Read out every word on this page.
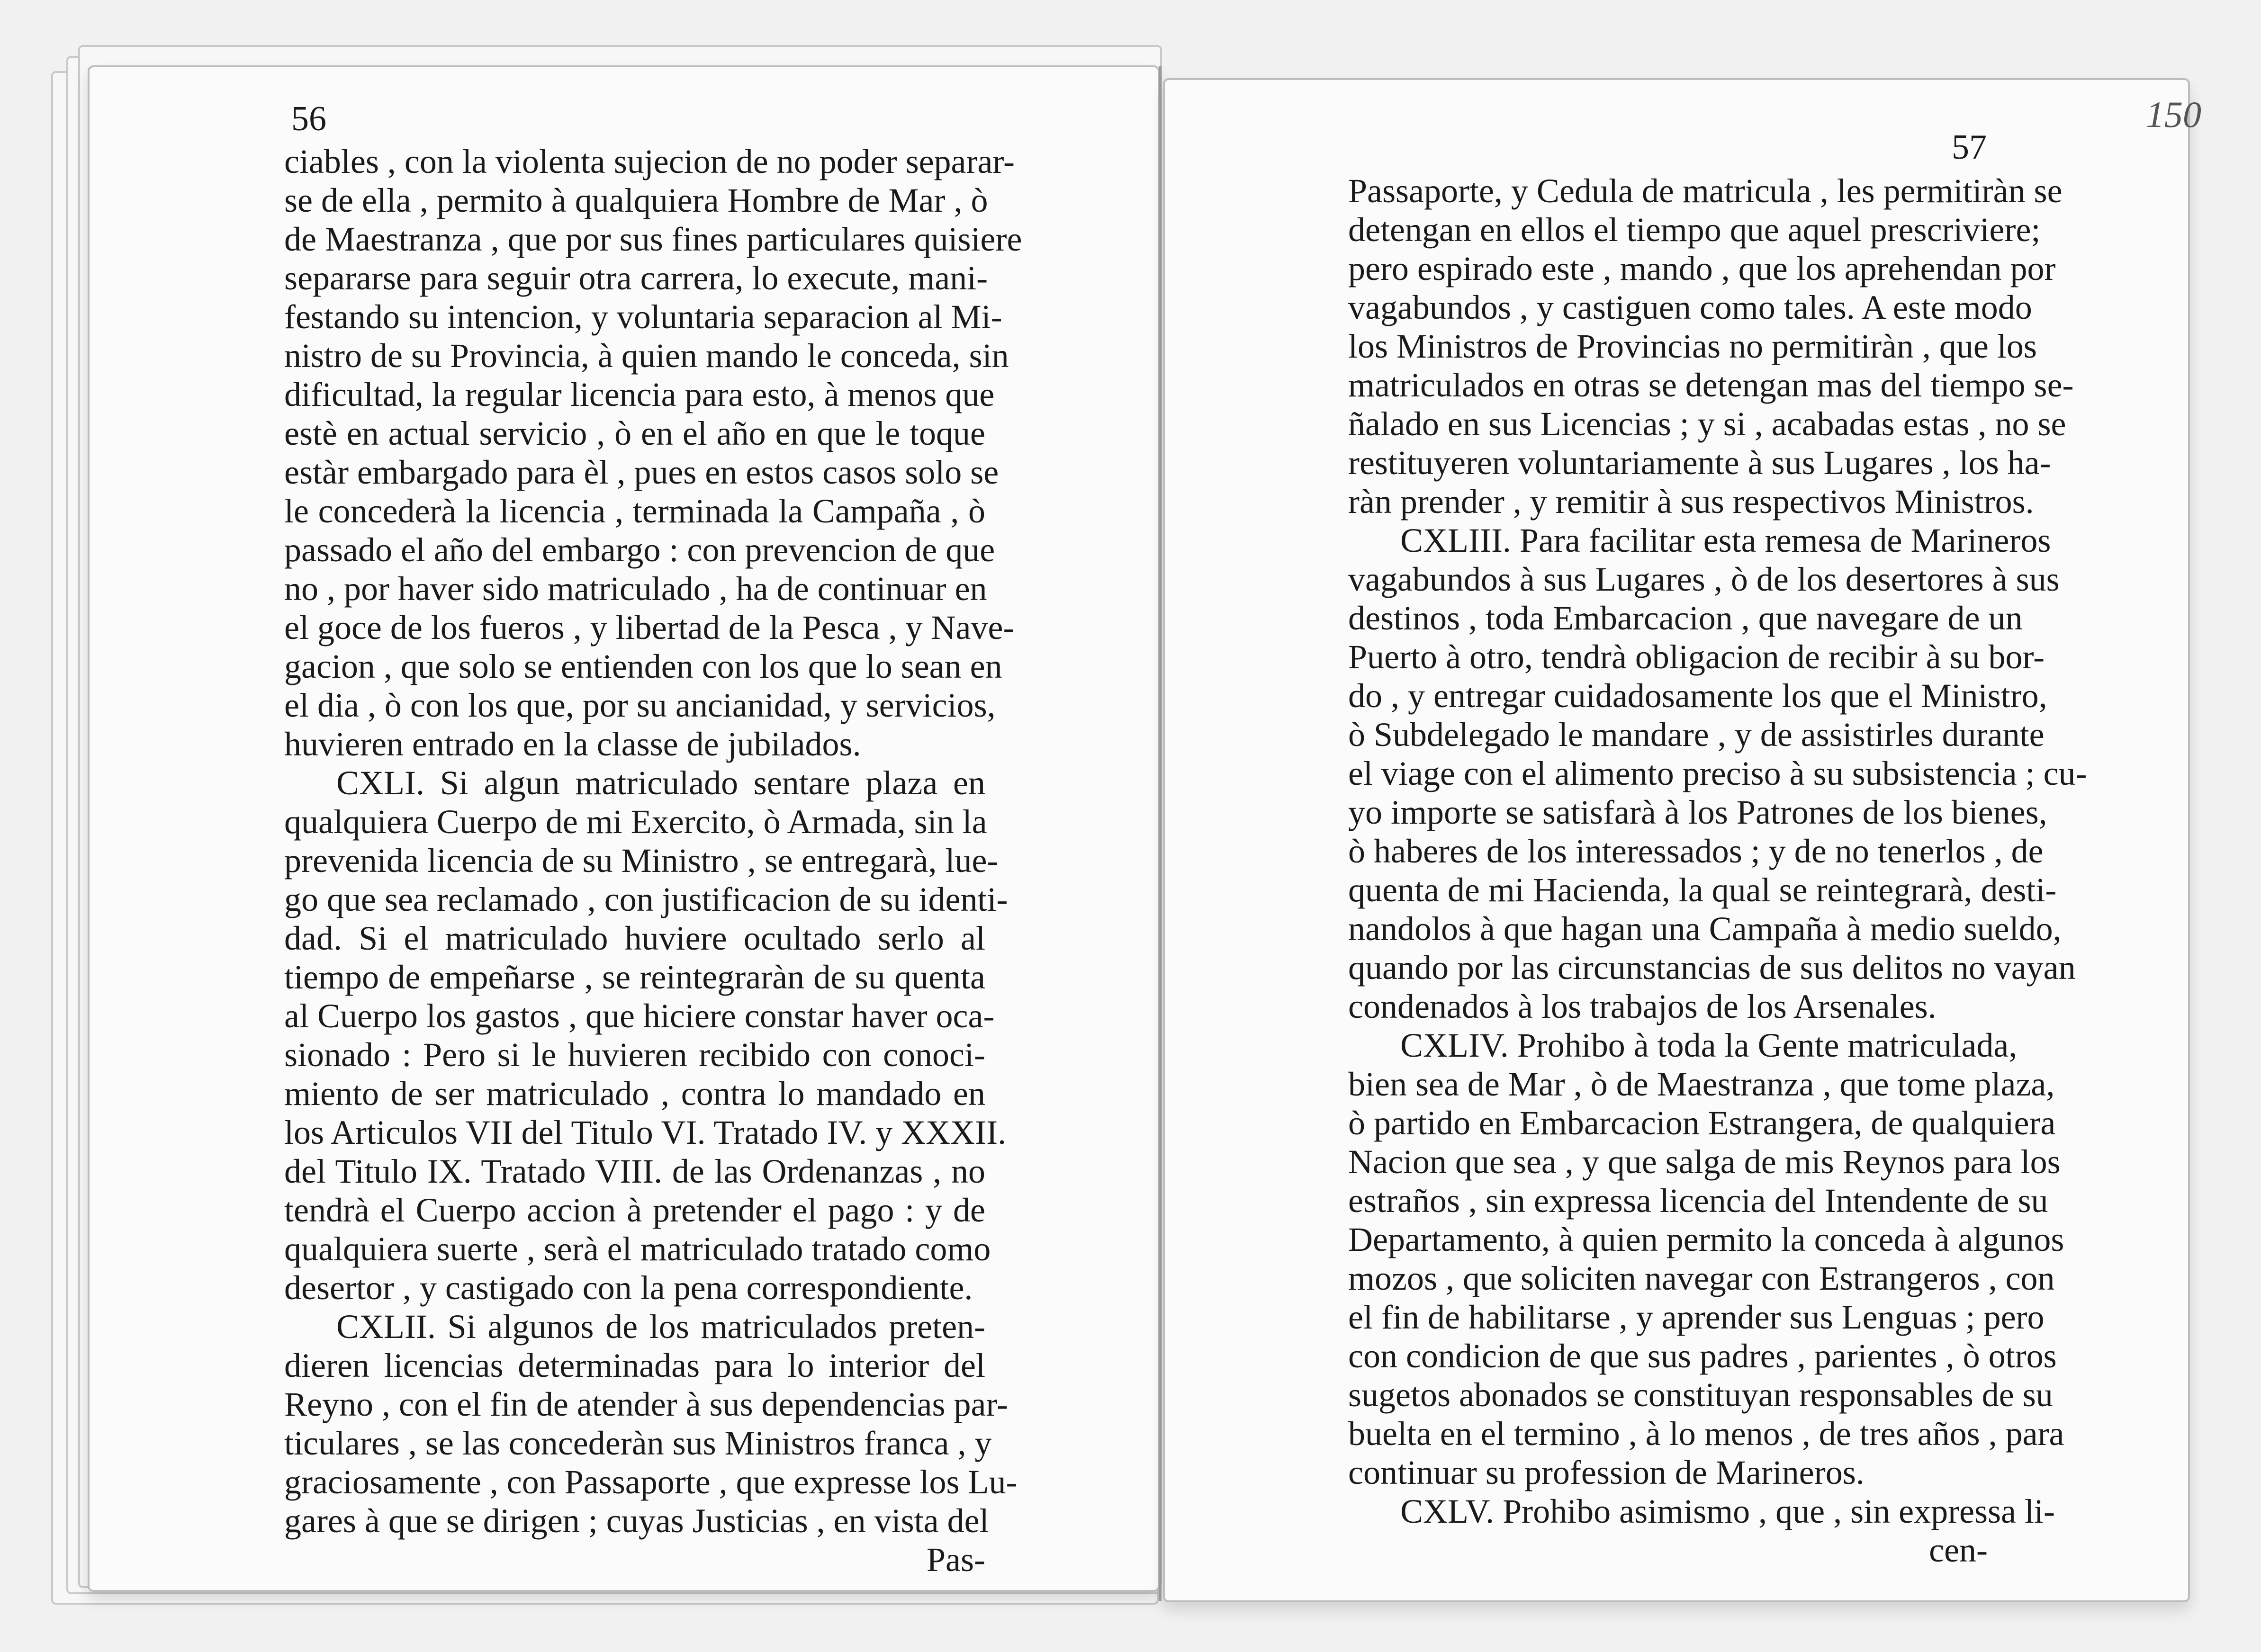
56
ciables , con la violenta sujecion de no poder separar-
se de ella , permito à qualquiera Hombre de Mar , ò
de Maestranza , que por sus fines particulares quisiere
separarse para seguir otra carrera, lo execute, mani-
festando su intencion, y voluntaria separacion al Mi-
nistro de su Provincia, à quien mando le conceda, sin
dificultad, la regular licencia para esto, à menos que
estè en actual servicio , ò en el año en que le toque
estàr embargado para èl , pues en estos casos solo se
le concederà la licencia , terminada la Campaña , ò
passado el año del embargo : con prevencion de que
no , por haver sido matriculado , ha de continuar en
el goce de los fueros , y libertad de la Pesca , y Nave-
gacion , que solo se entienden con los que lo sean en
el dia , ò con los que, por su ancianidad, y servicios,
huvieren entrado en la classe de jubilados.
CXLI. Si algun matriculado sentare plaza en
qualquiera Cuerpo de mi Exercito, ò Armada, sin la
prevenida licencia de su Ministro , se entregarà, lue-
go que sea reclamado , con justificacion de su identi-
dad. Si el matriculado huviere ocultado serlo al
tiempo de empeñarse , se reintegraràn de su quenta
al Cuerpo los gastos , que hiciere constar haver oca-
sionado : Pero si le huvieren recibido con conoci-
miento de ser matriculado , contra lo mandado en
los Articulos VII del Titulo VI. Tratado IV. y XXXII.
del Titulo IX. Tratado VIII. de las Ordenanzas , no
tendrà el Cuerpo accion à pretender el pago : y de
qualquiera suerte , serà el matriculado tratado como
desertor , y castigado con la pena correspondiente.
CXLII. Si algunos de los matriculados preten-
dieren licencias determinadas para lo interior del
Reyno , con el fin de atender à sus dependencias par-
ticulares , se las concederàn sus Ministros franca , y
graciosamente , con Passaporte , que expresse los Lu-
gares à que se dirigen ; cuyas Justicias , en vista del
Pas-
57
150
Passaporte, y Cedula de matricula , les permitiràn se
detengan en ellos el tiempo que aquel prescriviere;
pero espirado este , mando , que los aprehendan por
vagabundos , y castiguen como tales. A este modo
los Ministros de Provincias no permitiràn , que los
matriculados en otras se detengan mas del tiempo se-
ñalado en sus Licencias ; y si , acabadas estas , no se
restituyeren voluntariamente à sus Lugares , los ha-
ràn prender , y remitir à sus respectivos Ministros.
CXLIII. Para facilitar esta remesa de Marineros
vagabundos à sus Lugares , ò de los desertores à sus
destinos , toda Embarcacion , que navegare de un
Puerto à otro, tendrà obligacion de recibir à su bor-
do , y entregar cuidadosamente los que el Ministro,
ò Subdelegado le mandare , y de assistirles durante
el viage con el alimento preciso à su subsistencia ; cu-
yo importe se satisfarà à los Patrones de los bienes,
ò haberes de los interessados ; y de no tenerlos , de
quenta de mi Hacienda, la qual se reintegrarà, desti-
nandolos à que hagan una Campaña à medio sueldo,
quando por las circunstancias de sus delitos no vayan
condenados à los trabajos de los Arsenales.
CXLIV. Prohibo à toda la Gente matriculada,
bien sea de Mar , ò de Maestranza , que tome plaza,
ò partido en Embarcacion Estrangera, de qualquiera
Nacion que sea , y que salga de mis Reynos para los
estraños , sin expressa licencia del Intendente de su
Departamento, à quien permito la conceda à algunos
mozos , que soliciten navegar con Estrangeros , con
el fin de habilitarse , y aprender sus Lenguas ; pero
con condicion de que sus padres , parientes , ò otros
sugetos abonados se constituyan responsables de su
buelta en el termino , à lo menos , de tres años , para
continuar su profession de Marineros.
CXLV. Prohibo asimismo , que , sin expressa li-
cen-
